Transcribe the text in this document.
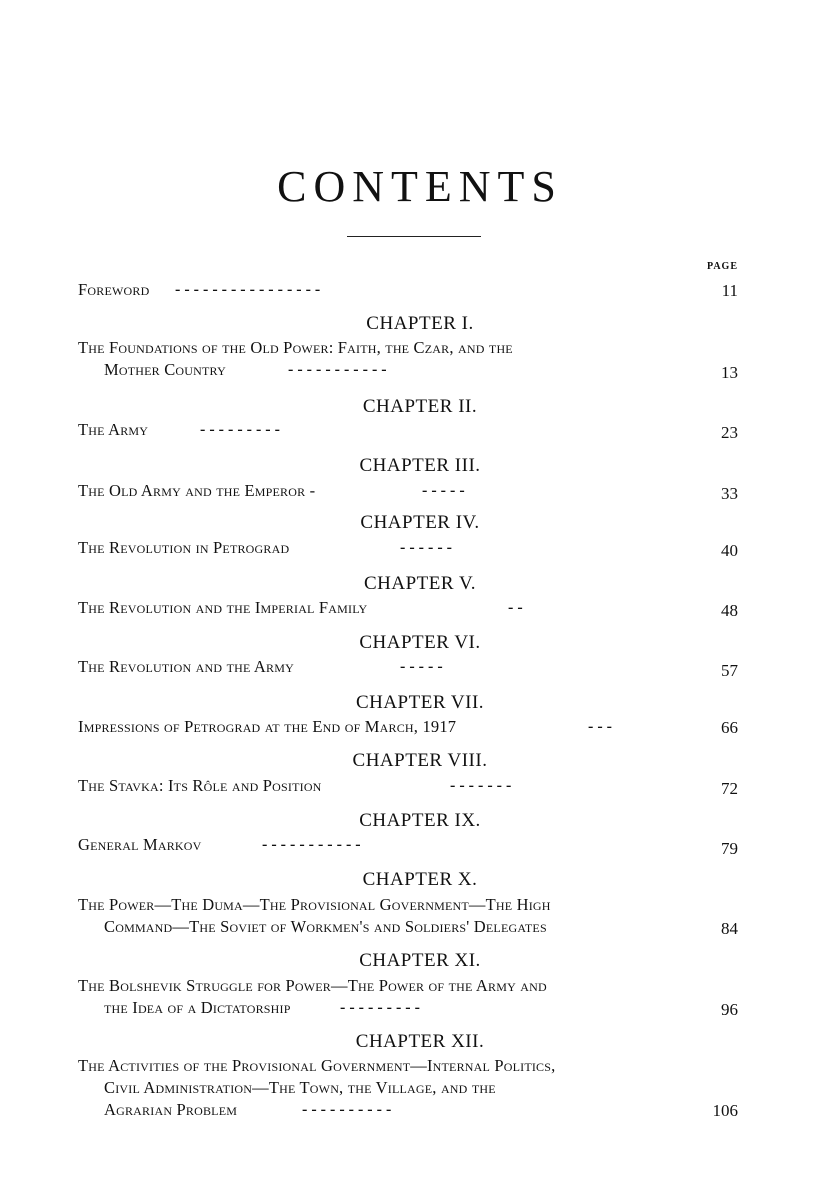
CONTENTS
PAGE
Foreword	- - - - - - - - - - - - - - - -	11
CHAPTER I.
The Foundations of the Old Power: Faith, the Czar, and the
Mother Country	- - - - - - - - - - -	13
CHAPTER II.
The Army	- - - - - - - - -	23
CHAPTER III.
The Old Army and the Emperor -	- - - - -	33
CHAPTER IV.
The Revolution in Petrograd	- - - - - -	40
CHAPTER V.
The Revolution and the Imperial Family	- -	48
CHAPTER VI.
The Revolution and the Army	- - - - -	57
CHAPTER VII.
Impressions of Petrograd at the End of March, 1917	- - -	66
CHAPTER VIII.
The Stavka: Its Rôle and Position	- - - - - - -	72
CHAPTER IX.
General Markov	- - - - - - - - - - -	79
CHAPTER X.
The Power—The Duma—The Provisional Government—The High
Command—The Soviet of Workmen's and Soldiers' Delegates	84
CHAPTER XI.
The Bolshevik Struggle for Power—The Power of the Army and
the Idea of a Dictatorship	- - - - - - - - -	96
CHAPTER XII.
The Activities of the Provisional Government—Internal Politics,
Civil Administration—The Town, the Village, and the
Agrarian Problem	- - - - - - - - - -	106
